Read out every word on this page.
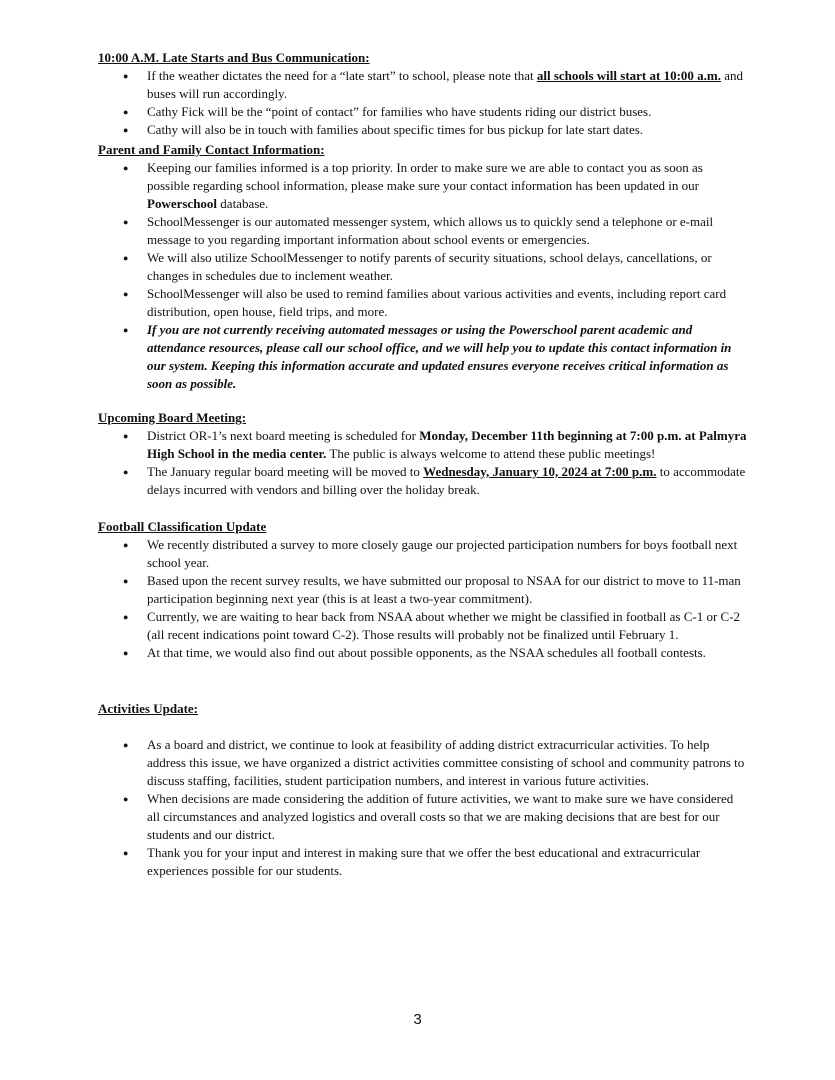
10:00 A.M. Late Starts and Bus Communication:

● If the weather dictates the need for a “late start” to school, please note that all schools will start at 10:00 a.m. and buses will run accordingly.
● Cathy Fick will be the “point of contact” for families who have students riding our district buses.
● Cathy will also be in touch with families about specific times for bus pickup for late start dates.

Parent and Family Contact Information:

● Keeping our families informed is a top priority. In order to make sure we are able to contact you as soon as possible regarding school information, please make sure your contact information has been updated in our Powerschool database.
● SchoolMessenger is our automated messenger system, which allows us to quickly send a telephone or e-mail message to you regarding important information about school events or emergencies.
● We will also utilize SchoolMessenger to notify parents of security situations, school delays, cancellations, or changes in schedules due to inclement weather.
● SchoolMessenger will also be used to remind families about various activities and events, including report card distribution, open house, field trips, and more.
● If you are not currently receiving automated messages or using the Powerschool parent academic and attendance resources, please call our school office, and we will help you to update this contact information in our system. Keeping this information accurate and updated ensures everyone receives critical information as soon as possible.

Upcoming Board Meeting:

● District OR-1’s next board meeting is scheduled for Monday, December 11th beginning at 7:00 p.m. at Palmyra High School in the media center. The public is always welcome to attend these public meetings!
● The January regular board meeting will be moved to Wednesday, January 10, 2024 at 7:00 p.m. to accommodate delays incurred with vendors and billing over the holiday break.

Football Classification Update

● We recently distributed a survey to more closely gauge our projected participation numbers for boys football next school year.
● Based upon the recent survey results, we have submitted our proposal to NSAA for our district to move to 11-man participation beginning next year (this is at least a two-year commitment).
● Currently, we are waiting to hear back from NSAA about whether we might be classified in football as C-1 or C-2 (all recent indications point toward C-2). Those results will probably not be finalized until February 1.
● At that time, we would also find out about possible opponents, as the NSAA schedules all football contests.

Activities Update:

● As a board and district, we continue to look at feasibility of adding district extracurricular activities. To help address this issue, we have organized a district activities committee consisting of school and community patrons to discuss staffing, facilities, student participation numbers, and interest in various future activities.
● When decisions are made considering the addition of future activities, we want to make sure we have considered all circumstances and analyzed logistics and overall costs so that we are making decisions that are best for our students and our district.
● Thank you for your input and interest in making sure that we offer the best educational and extracurricular experiences possible for our students.
3
